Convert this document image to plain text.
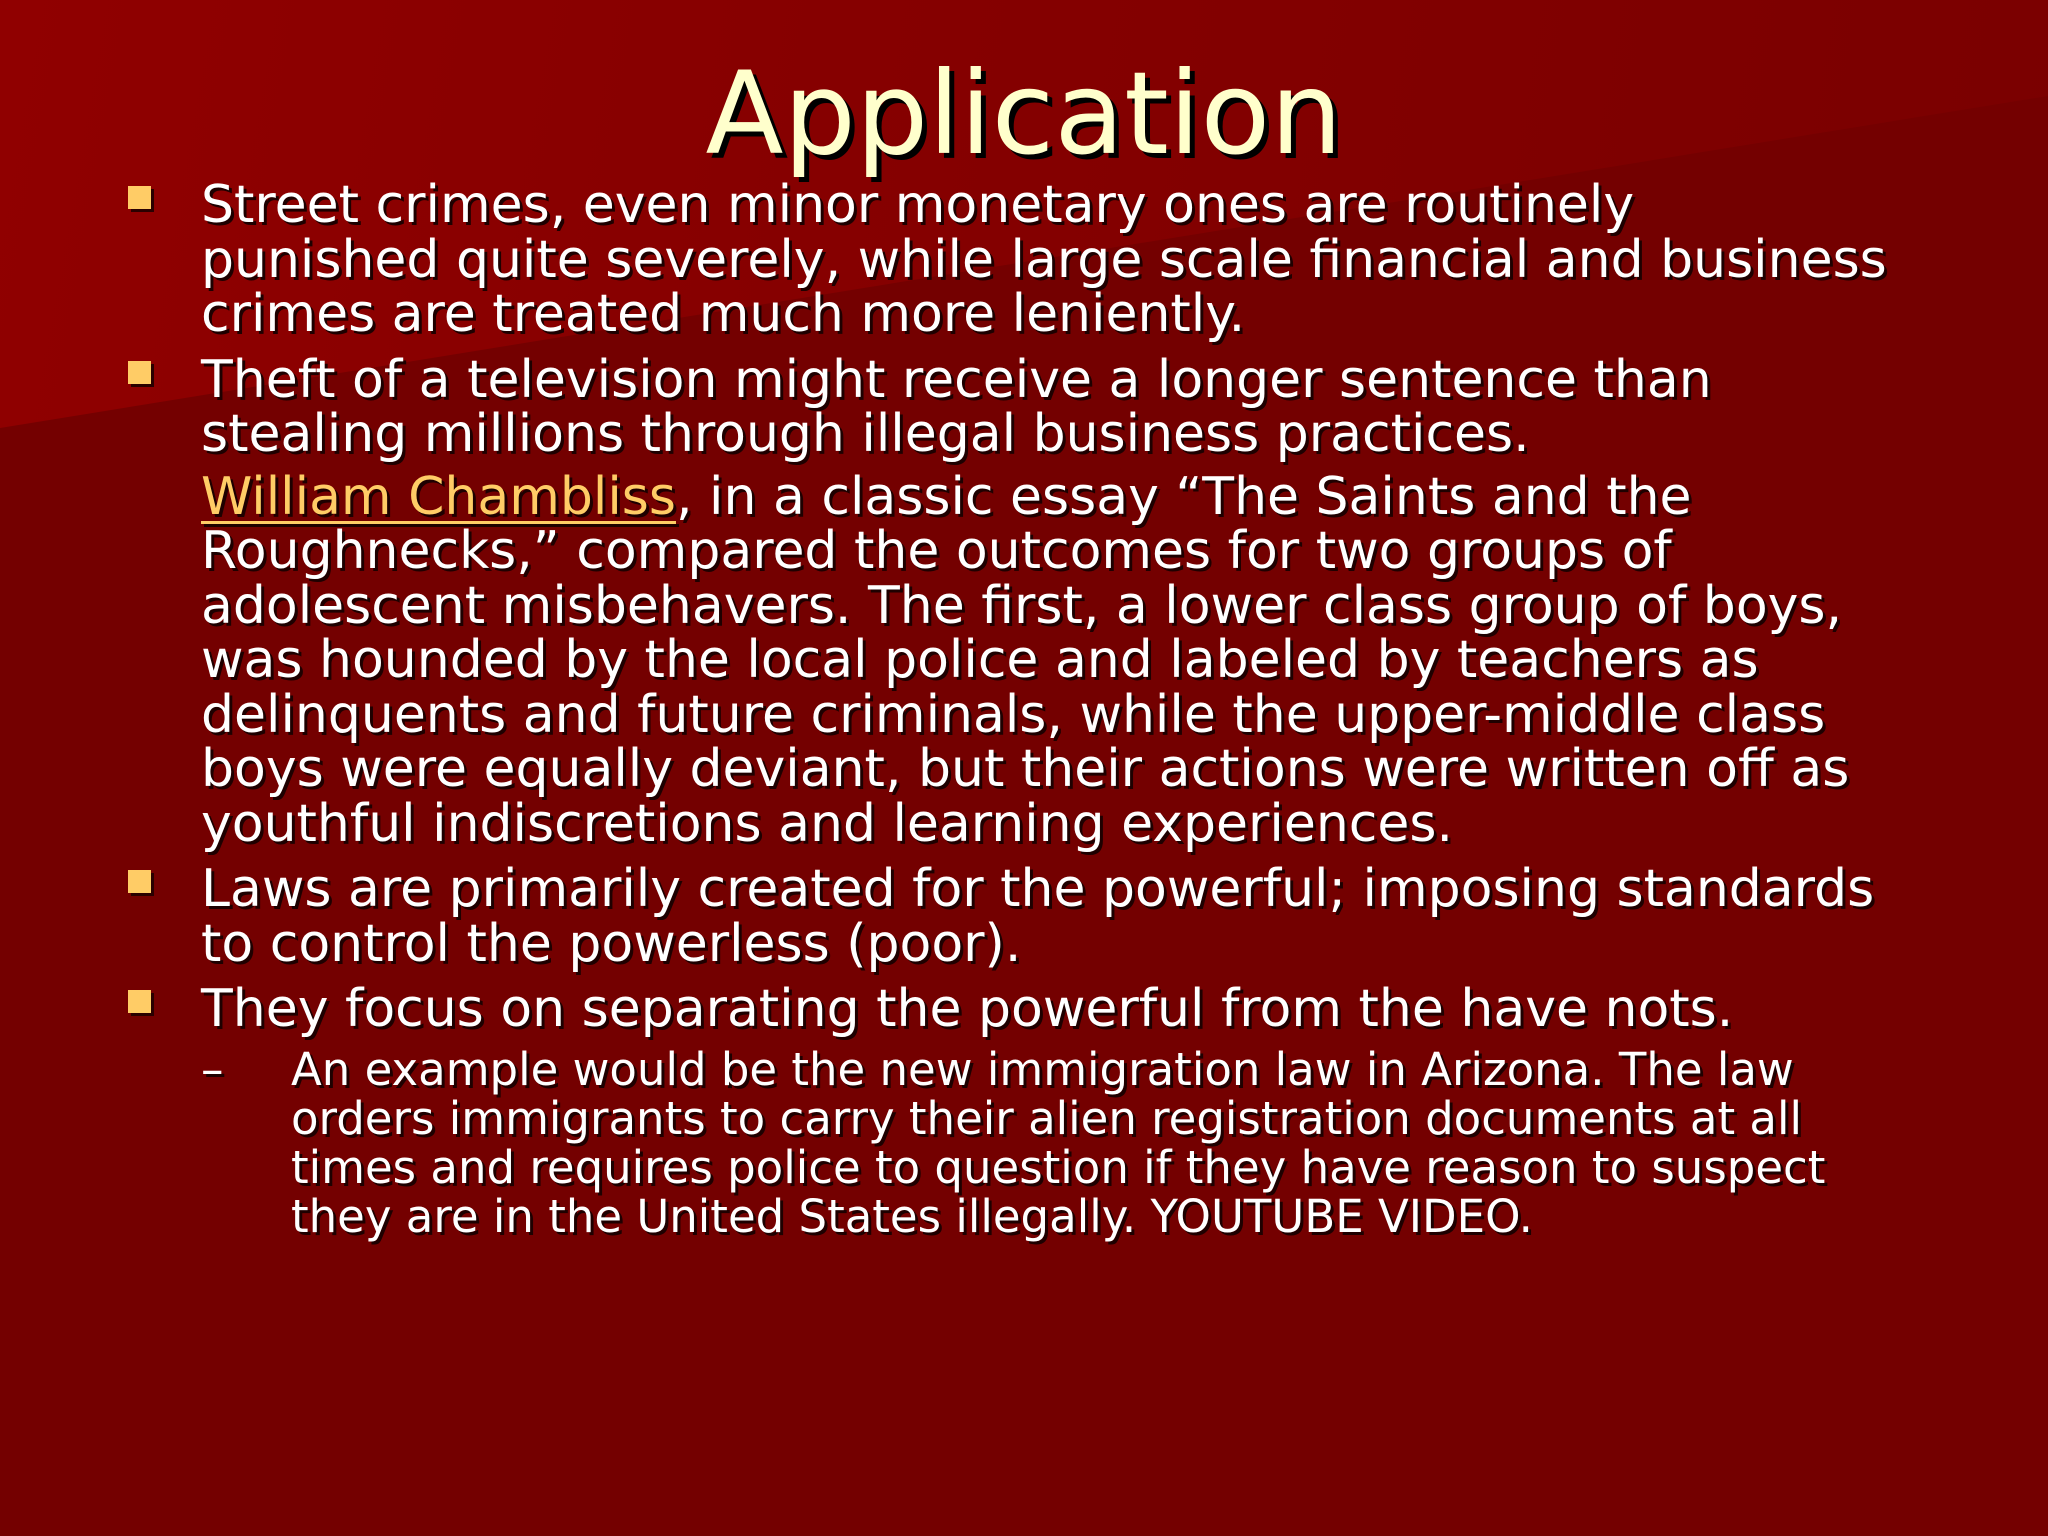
Application
Street crimes, even minor monetary ones are routinely
punished quite severely, while large scale financial and business
crimes are treated much more leniently.
Theft of a television might receive a longer sentence than
stealing millions through illegal business practices.
William Chambliss, in a classic essay “The Saints and the
Roughnecks,” compared the outcomes for two groups of
adolescent misbehavers. The first, a lower class group of boys,
was hounded by the local police and labeled by teachers as
delinquents and future criminals, while the upper-middle class
boys were equally deviant, but their actions were written off as
youthful indiscretions and learning experiences.
Laws are primarily created for the powerful; imposing standards
to control the powerless (poor).
They focus on separating the powerful from the have nots.
–	An example would be the new immigration law in Arizona. The law
orders immigrants to carry their alien registration documents at all
times and requires police to question if they have reason to suspect
they are in the United States illegally. YOUTUBE VIDEO.
